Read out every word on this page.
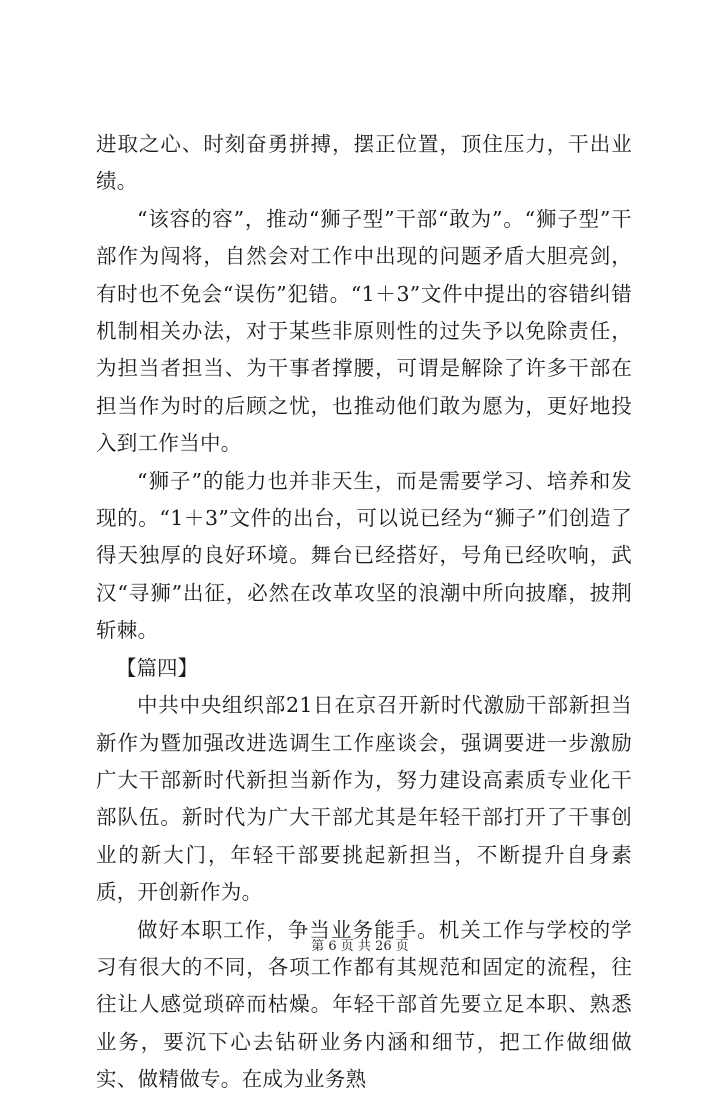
进取之心、时刻奋勇拼搏，摆正位置，顶住压力，干出业绩。

“该容的容”，推动“狮子型”干部“敢为”。“狮子型”干部作为闯将，自然会对工作中出现的问题矛盾大胆亮剑，有时也不免会“误伤”犯错。“1＋3”文件中提出的容错纠错机制相关办法，对于某些非原则性的过失予以免除责任，为担当者担当、为干事者撑腰，可谓是解除了许多干部在担当作为时的后顾之忧，也推动他们敢为愿为，更好地投入到工作当中。

“狮子”的能力也并非天生，而是需要学习、培养和发现的。“1＋3”文件的出台，可以说已经为“狮子”们创造了得天独厚的良好环境。舞台已经搭好，号角已经吹响，武汉“寻狮”出征，必然在改革攻坚的浪潮中所向披靡，披荆斩棘。

【篇四】

中共中央组织部21日在京召开新时代激励干部新担当新作为暨加强改进选调生工作座谈会，强调要进一步激励广大干部新时代新担当新作为，努力建设高素质专业化干部队伍。新时代为广大干部尤其是年轻干部打开了干事创业的新大门，年轻干部要挑起新担当，不断提升自身素质，开创新作为。

做好本职工作，争当业务能手。机关工作与学校的学习有很大的不同，各项工作都有其规范和固定的流程，往往让人感觉琐碎而枯燥。年轻干部首先要立足本职、熟悉业务，要沉下心去钻研业务内涵和细节，把工作做细做实、做精做专。在成为业务熟

第 6 页 共 26 页
